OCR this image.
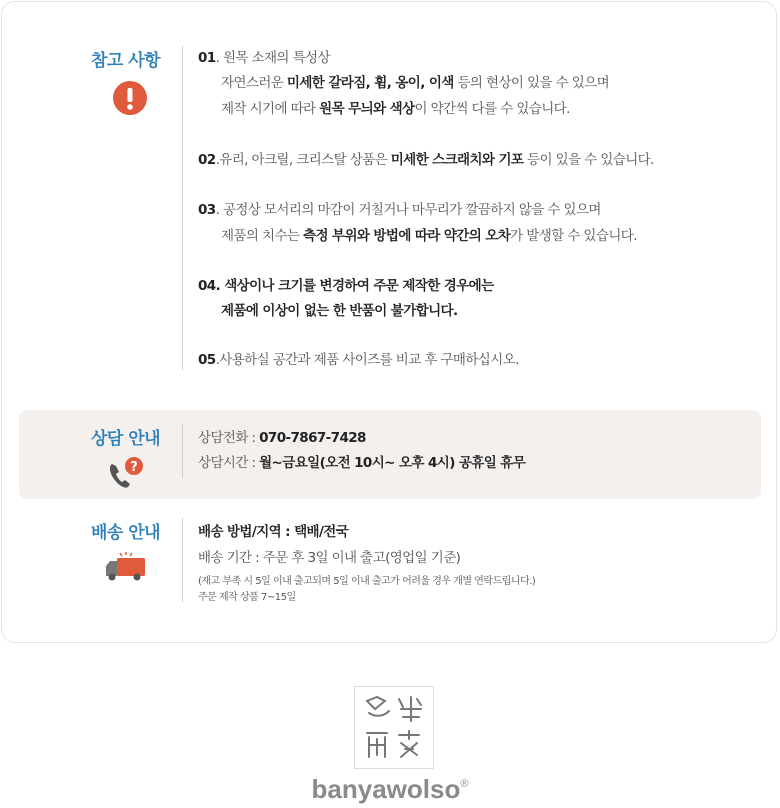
참고 사항	01. 원목 소재의 특성상
자연스러운 미세한 갈라짐, 휨, 옹이, 이색 등의 현상이 있을 수 있으며
제작 시기에 따라 원목 무늬와 색상이 약간씩 다를 수 있습니다.
02.유리, 아크릴, 크리스탈 상품은 미세한 스크래치와 기포 등이 있을 수 있습니다.
03. 공정상 모서리의 마감이 거칠거나 마무리가 깔끔하지 않을 수 있으며
제품의 치수는 측정 부위와 방법에 따라 약간의 오차가 발생할 수 있습니다.
04. 색상이나 크기를 변경하여 주문 제작한 경우에는
제품에 이상이 없는 한 반품이 불가합니다.
05.사용하실 공간과 제품 사이즈를 비교 후 구매하십시오.
상담 안내
?
상담전화 : 070-7867-7428
상담시간 : 월~금요일(오전 10시~ 오후 4시) 공휴일 휴무
배송 안내	배송 방법/지역 : 택배/전국
배송 기간 : 주문 후 3일 이내 출고(영업일 기준)
(재고 부족 시 5일 이내 출고되며 5일 이내 출고가 어려울 경우 개별 연락드립니다.)
주문 제작 상품 7~15일
banyawolso®
